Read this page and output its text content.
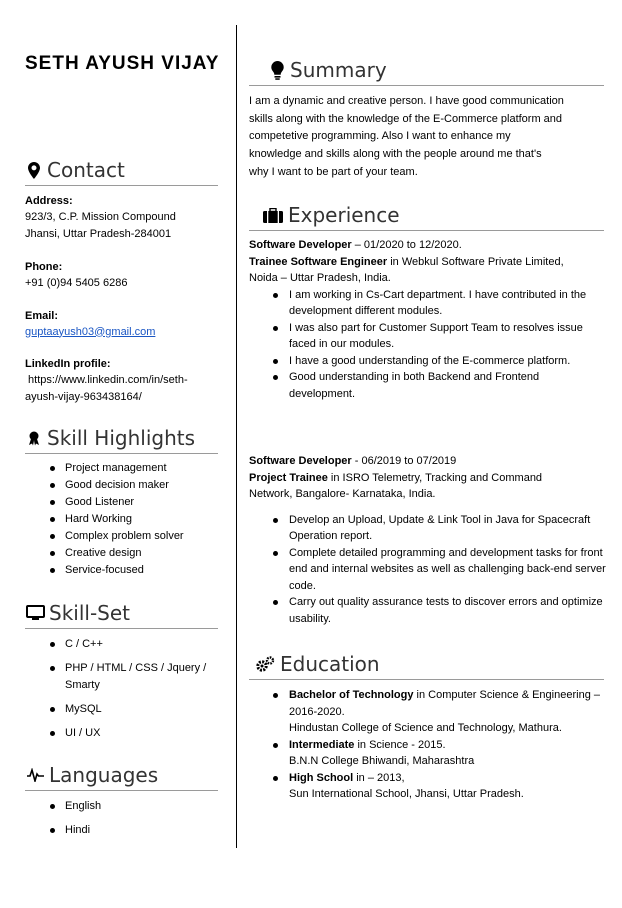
SETH AYUSH VIJAY
Contact
Address:
923/3, C.P. Mission Compound
Jhansi, Uttar Pradesh-284001
Phone:
+91 (0)94 5405 6286
Email:
guptaayush03@gmail.com
LinkedIn profile:
https://www.linkedin.com/in/seth-
ayush-vijay-963438164/
Skill Highlights
Project management
Good decision maker
Good Listener
Hard Working
Complex problem solver
Creative design
Service-focused
Skill-Set
C / C++
PHP / HTML / CSS / Jquery / Smarty
MySQL
UI / UX
Languages
English
Hindi
Summary
I am a dynamic and creative person. I have good communication
skills along with the knowledge of the E-Commerce platform and
competetive programming. Also I want to enhance my
knowledge and skills along with the people around me that's
why I want to be part of your team.
Experience
Software Developer – 01/2020 to 12/2020.
Trainee Software Engineer in Webkul Software Private Limited,
Noida – Uttar Pradesh, India.
I am working in Cs-Cart department. I have contributed in the development different modules.
I was also part for Customer Support Team to resolves issue faced in our modules.
I have a good understanding of the E-commerce platform.
Good understanding in both Backend and Frontend development.
Software Developer - 06/2019 to 07/2019
Project Trainee in ISRO Telemetry, Tracking and Command
Network, Bangalore- Karnataka, India.
Develop an Upload, Update & Link Tool in Java for Spacecraft Operation report.
Complete detailed programming and development tasks for front end and internal websites as well as challenging back-end server code.
Carry out quality assurance tests to discover errors and optimize usability.
Education
Bachelor of Technology in Computer Science & Engineering – 2016-2020.
Hindustan College of Science and Technology, Mathura.
Intermediate in Science - 2015.
B.N.N College Bhiwandi, Maharashtra
High School in – 2013,
Sun International School, Jhansi, Uttar Pradesh.
